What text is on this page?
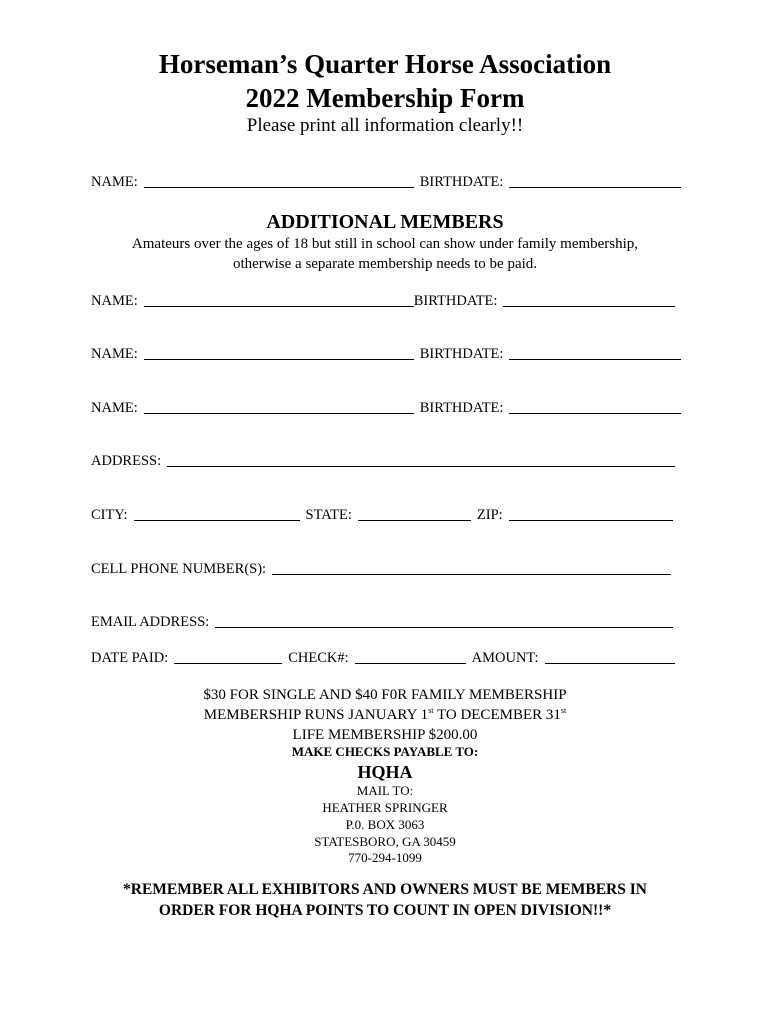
Horseman’s Quarter Horse Association
2022 Membership Form
Please print all information clearly!!
NAME:	BIRTHDATE:
ADDITIONAL MEMBERS
Amateurs over the ages of 18 but still in school can show under family membership,
otherwise a separate membership needs to be paid.
NAME:	BIRTHDATE:
NAME:	BIRTHDATE:
NAME:	BIRTHDATE:
ADDRESS:
CITY:	STATE:	ZIP:
CELL PHONE NUMBER(S):
EMAIL ADDRESS:
DATE PAID:	CHECK#:	AMOUNT:
$30 FOR SINGLE AND $40 F0R FAMILY MEMBERSHIP
MEMBERSHIP RUNS JANUARY 1st TO DECEMBER 31st
LIFE MEMBERSHIP $200.00
MAKE CHECKS PAYABLE TO:
HQHA
MAIL TO:
HEATHER SPRINGER
P.0. BOX 3063
STATESBORO, GA 30459
770-294-1099
*REMEMBER ALL EXHIBITORS AND OWNERS MUST BE MEMBERS IN
ORDER FOR HQHA POINTS TO COUNT IN OPEN DIVISION!!*
